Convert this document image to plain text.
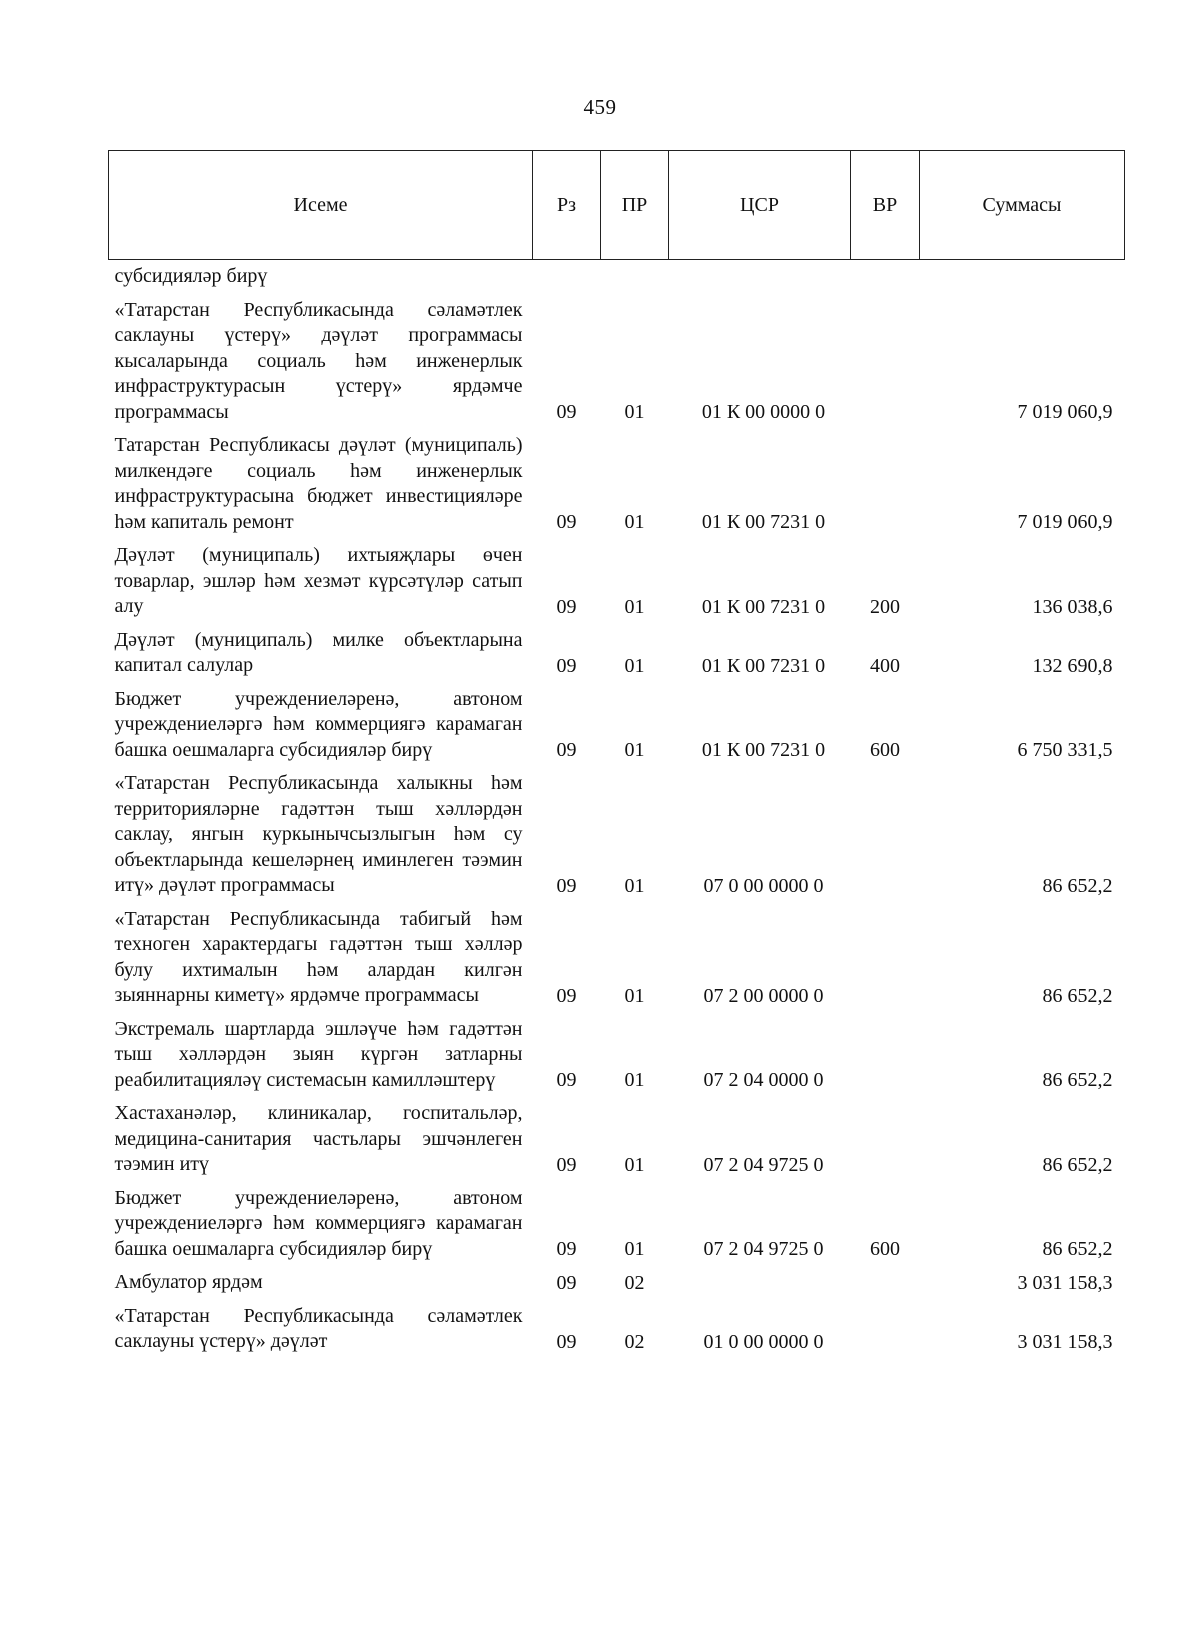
459
Исеме	Рз	ПР	ЦСР	ВР	Суммасы
субсидияләр бирү					
«Татарстан Республикасында сәламәтлек саклауны үстерү» дәүләт программасы кысаларында социаль һәм инженерлык инфраструктурасын үстерү» ярдәмче программасы	09	01	01 К 00 0000 0		7 019 060,9
Татарстан Республикасы дәүләт (муниципаль) милкендәге социаль һәм инженерлык инфраструктурасына бюджет инвестицияләре һәм капиталь ремонт	09	01	01 К 00 7231 0		7 019 060,9
Дәүләт (муниципаль) ихтыяҗлары өчен товарлар, эшләр һәм хезмәт күрсәтүләр сатып алу	09	01	01 К 00 7231 0	200	136 038,6
Дәүләт (муниципаль) милке объектларына капитал салулар	09	01	01 К 00 7231 0	400	132 690,8
Бюджет учреждениеләренә, автоном учреждениеләргә һәм коммерциягә карамаган башка оешмаларга субсидияләр бирү	09	01	01 К 00 7231 0	600	6 750 331,5
«Татарстан Республикасында халыкны һәм территорияләрне гадәттән тыш хәлләрдән саклау, янгын куркынычсызлыгын һәм су объектларында кешеләрнең иминлеген тәэмин итү» дәүләт программасы	09	01	07 0 00 0000 0		86 652,2
«Татарстан Республикасында табигый һәм техноген характердагы гадәттән тыш хәлләр булу ихтималын һәм алардан килгән зыяннарны киметү» ярдәмче программасы	09	01	07 2 00 0000 0		86 652,2
Экстремаль шартларда эшләүче һәм гадәттән тыш хәлләрдән зыян күргән затларны реабилитацияләү системасын камилләштерү	09	01	07 2 04 0000 0		86 652,2
Хастаханәләр, клиникалар, госпитальләр, медицина-санитария частьлары эшчәнлеген тәэмин итү	09	01	07 2 04 9725 0		86 652,2
Бюджет учреждениеләренә, автоном учреждениеләргә һәм коммерциягә карамаган башка оешмаларга субсидияләр бирү	09	01	07 2 04 9725 0	600	86 652,2
Амбулатор ярдәм	09	02			3 031 158,3
«Татарстан Республикасында сәламәтлек саклауны үстерү» дәүләт	09	02	01 0 00 0000 0		3 031 158,3
